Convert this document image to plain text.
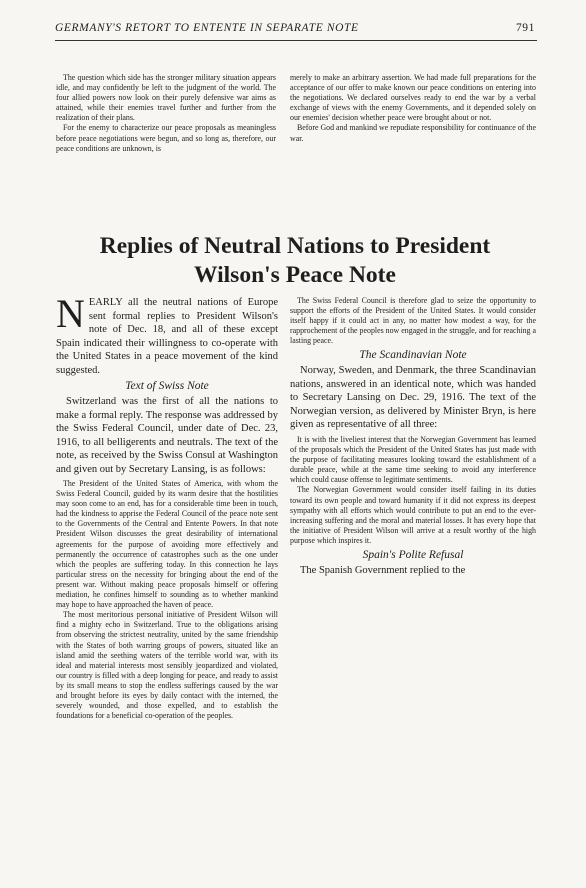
GERMANY'S RETORT TO ENTENTE IN SEPARATE NOTE	791

The question which side has the stronger military situation appears idle, and may confidently be left to the judgment of the world. The four allied powers now look on their purely defensive war aims as attained, while their enemies travel further and further from the realization of their plans.

For the enemy to characterize our peace proposals as meaningless before peace negotiations were begun, and so long as, therefore, our peace conditions are unknown, is

merely to make an arbitrary assertion. We had made full preparations for the acceptance of our offer to make known our peace conditions on entering into the negotiations. We declared ourselves ready to end the war by a verbal exchange of views with the enemy Governments, and it depended solely on our enemies' decision whether peace were brought about or not.

Before God and mankind we repudiate responsibility for continuance of the war.

Replies of Neutral Nations to President
Wilson's Peace Note
NEARLY all the neutral nations of Europe sent formal replies to President Wilson's note of Dec. 18, and all of these except Spain indicated their willingness to co-operate with the United States in a peace movement of the kind suggested.
Text of Swiss Note

Switzerland was the first of all the nations to make a formal reply. The response was addressed by the Swiss Federal Council, under date of Dec. 23, 1916, to all belligerents and neutrals. The text of the note, as received by the Swiss Consul at Washington and given out by Secretary Lansing, is as follows:

The President of the United States of America, with whom the Swiss Federal Council, guided by its warm desire that the hostilities may soon come to an end, has for a considerable time been in touch, had the kindness to apprise the Federal Council of the peace note sent to the Governments of the Central and Entente Powers. In that note President Wilson discusses the great desirability of international agreements for the purpose of avoiding more effectively and permanently the occurrence of catastrophes such as the one under which the peoples are suffering today. In this connection he lays particular stress on the necessity for bringing about the end of the present war. Without making peace proposals himself or offering mediation, he confines himself to sounding as to whether mankind may hope to have approached the haven of peace.

The most meritorious personal initiative of President Wilson will find a mighty echo in Switzerland. True to the obligations arising from observing the strictest neutrality, united by the same friendship with the States of both warring groups of powers, situated like an island amid the seething waters of the terrible world war, with its ideal and material interests most sensibly jeopardized and violated, our country is filled with a deep longing for peace, and ready to assist by its small means to stop the endless sufferings caused by the war and brought before its eyes by daily contact with the interned, the severely wounded, and those expelled, and to establish the foundations for a beneficial co-operation of the peoples.

The Swiss Federal Council is therefore glad to seize the opportunity to support the efforts of the President of the United States. It would consider itself happy if it could act in any, no matter how modest a way, for the rapprochement of the peoples now engaged in the struggle, and for reaching a lasting peace.

The Scandinavian Note

Norway, Sweden, and Denmark, the three Scandinavian nations, answered in an identical note, which was handed to Secretary Lansing on Dec. 29, 1916. The text of the Norwegian version, as delivered by Minister Bryn, is here given as representative of all three:

It is with the liveliest interest that the Norwegian Government has learned of the proposals which the President of the United States has just made with the purpose of facilitating measures looking toward the establishment of a durable peace, while at the same time seeking to avoid any interference which could cause offense to legitimate sentiments.

The Norwegian Government would consider itself failing in its duties toward its own people and toward humanity if it did not express its deepest sympathy with all efforts which would contribute to put an end to the ever-increasing suffering and the moral and material losses. It has every hope that the initiative of President Wilson will arrive at a result worthy of the high purpose which inspires it.

Spain's Polite Refusal

The Spanish Government replied to the
